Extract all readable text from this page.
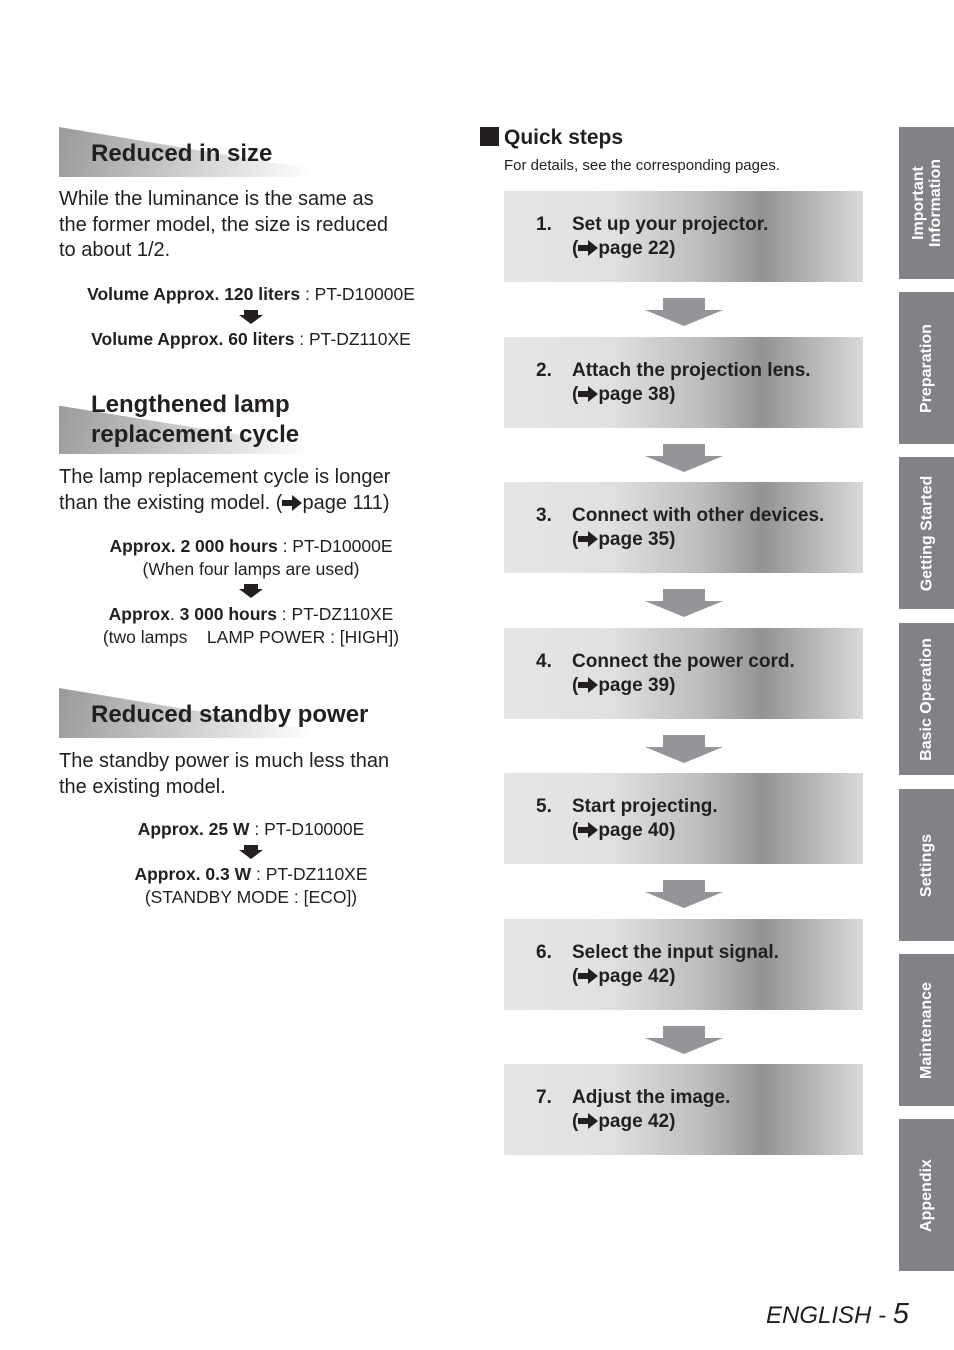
Reduced in size
While the luminance is the same as
the former model, the size is reduced
to about 1/2.
Volume Approx. 120 liters : PT-D10000E
Volume Approx. 60 liters : PT-DZ110XE
Lengthened lamp
replacement cycle
The lamp replacement cycle is longer
than the existing model. ( page 111)
Approx. 2 000 hours : PT-D10000E
(When four lamps are used)
Approx. 3 000 hours : PT-DZ110XE
(two lamps    LAMP POWER : [HIGH])
Reduced standby power
The standby power is much less than
the existing model.
Approx. 25 W : PT-D10000E
Approx. 0.3 W : PT-DZ110XE
(STANDBY MODE : [ECO])
Quick steps
For details, see the corresponding pages.
1. Set up your projector.
( page 22)
2. Attach the projection lens.
( page 38)
3. Connect with other devices.
( page 35)
4. Connect the power cord.
( page 39)
5. Start projecting.
( page 40)
6. Select the input signal.
( page 42)
7. Adjust the image.
( page 42)
Important Information
Preparation
Getting Started
Basic Operation
Settings
Maintenance
Appendix
ENGLISH - 5
